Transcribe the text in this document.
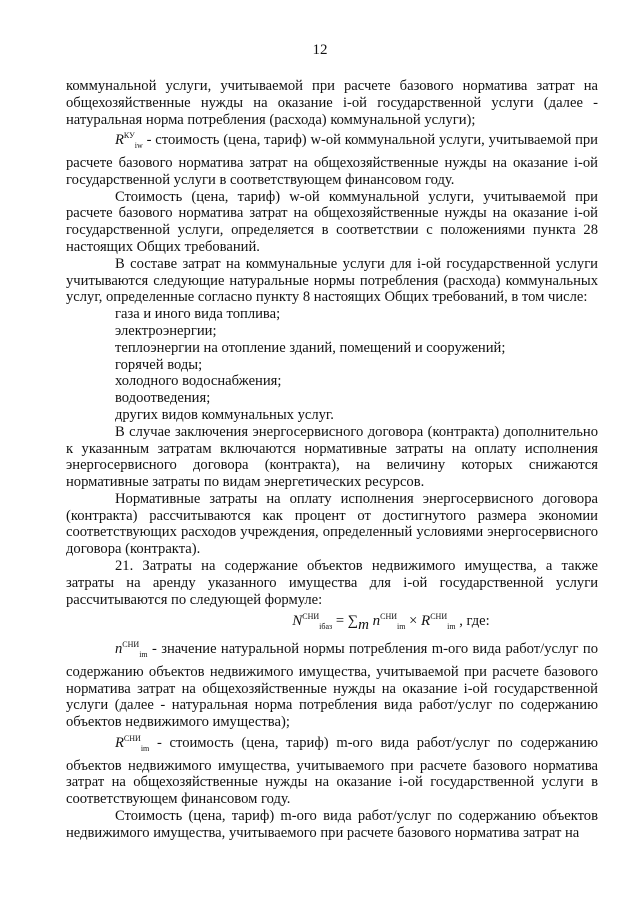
12

коммунальной услуги, учитываемой при расчете базового норматива затрат на общехозяйственные нужды на оказание i-ой государственной услуги (далее - натуральная норма потребления (расхода) коммунальной услуги);

$R^{КУ}_{iw}$ - стоимость (цена, тариф) w-ой коммунальной услуги, учитываемой при расчете базового норматива затрат на общехозяйственные нужды на оказание i-ой государственной услуги в соответствующем финансовом году.

Стоимость (цена, тариф) w-ой коммунальной услуги, учитываемой при расчете базового норматива затрат на общехозяйственные нужды на оказание i-ой государственной услуги, определяется в соответствии с положениями пункта 28 настоящих Общих требований.

В составе затрат на коммунальные услуги для i-ой государственной услуги учитываются следующие натуральные нормы потребления (расхода) коммунальных услуг, определенные согласно пункту 8 настоящих Общих требований, в том числе:

газа и иного вида топлива;

электроэнергии;

теплоэнергии на отопление зданий, помещений и сооружений;

горячей воды;

холодного водоснабжения;

водоотведения;

других видов коммунальных услуг.

В случае заключения энергосервисного договора (контракта) дополнительно к указанным затратам включаются нормативные затраты на оплату исполнения энергосервисного договора (контракта), на величину которых снижаются нормативные затраты по видам энергетических ресурсов.

Нормативные затраты на оплату исполнения энергосервисного договора (контракта) рассчитываются как процент от достигнутого размера экономии соответствующих расходов учреждения, определенный условиями энергосервисного договора (контракта).

21. Затраты на содержание объектов недвижимого имущества, а также затраты на аренду указанного имущества для i-ой государственной услуги рассчитываются по следующей формуле:

$N^{СНИ}_{iбаз} = \sum_m$ $n^{СНИ}_{im} \times R^{СНИ}_{im}$ , где:

$n^{СНИ}_{im}$ - значение натуральной нормы потребления m-ого вида работ/услуг по содержанию объектов недвижимого имущества, учитываемой при расчете базового норматива затрат на общехозяйственные нужды на оказание i-ой государственной услуги (далее - натуральная норма потребления вида работ/услуг по содержанию объектов недвижимого имущества);

$R^{СНИ}_{im}$ - стоимость (цена, тариф) m-ого вида работ/услуг по содержанию объектов недвижимого имущества, учитываемого при расчете базового норматива затрат на общехозяйственные нужды на оказание i-ой государственной услуги в соответствующем финансовом году.

Стоимость (цена, тариф) m-ого вида работ/услуг по содержанию объектов недвижимого имущества, учитываемого при расчете базового норматива затрат на
